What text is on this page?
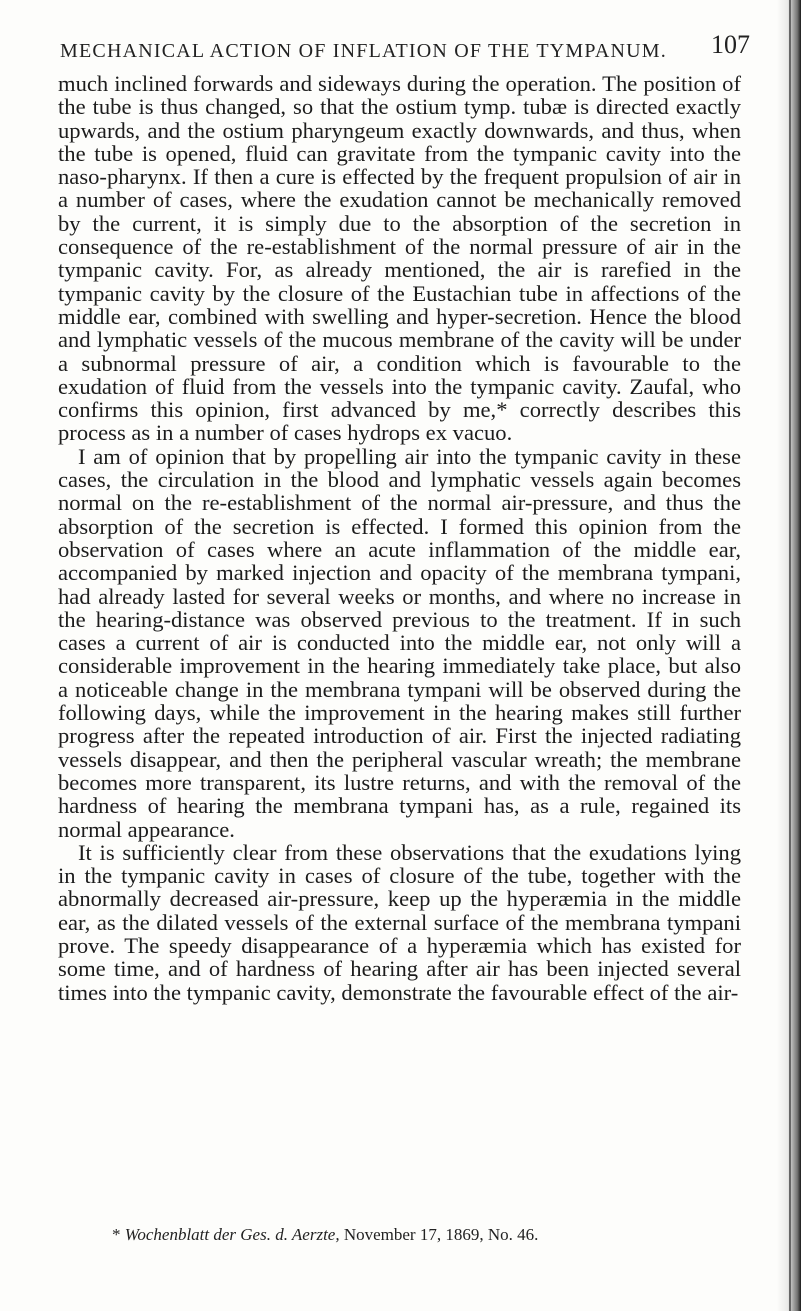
MECHANICAL ACTION OF INFLATION OF THE TYMPANUM. 107

much inclined forwards and sideways during the operation. The position of the tube is thus changed, so that the ostium tymp. tubæ is directed exactly upwards, and the ostium pharyngeum exactly downwards, and thus, when the tube is opened, fluid can gravitate from the tympanic cavity into the naso-pharynx. If then a cure is effected by the frequent propulsion of air in a number of cases, where the exudation cannot be mechanically removed by the current, it is simply due to the absorption of the secretion in consequence of the re-establishment of the normal pressure of air in the tympanic cavity. For, as already mentioned, the air is rarefied in the tympanic cavity by the closure of the Eustachian tube in affections of the middle ear, combined with swelling and hyper-secretion. Hence the blood and lymphatic vessels of the mucous membrane of the cavity will be under a subnormal pressure of air, a condition which is favourable to the exudation of fluid from the vessels into the tympanic cavity. Zaufal, who confirms this opinion, first advanced by me,* correctly describes this process as in a number of cases hydrops ex vacuo.

I am of opinion that by propelling air into the tympanic cavity in these cases, the circulation in the blood and lymphatic vessels again becomes normal on the re-establishment of the normal air-pressure, and thus the absorption of the secretion is effected. I formed this opinion from the observation of cases where an acute inflammation of the middle ear, accompanied by marked injection and opacity of the membrana tympani, had already lasted for several weeks or months, and where no increase in the hearing-distance was observed previous to the treatment. If in such cases a current of air is conducted into the middle ear, not only will a considerable improvement in the hearing immediately take place, but also a noticeable change in the membrana tympani will be observed during the following days, while the improvement in the hearing makes still further progress after the repeated introduction of air. First the injected radiating vessels disappear, and then the peripheral vascular wreath; the membrane becomes more transparent, its lustre returns, and with the removal of the hardness of hearing the membrana tympani has, as a rule, regained its normal appearance.

It is sufficiently clear from these observations that the exudations lying in the tympanic cavity in cases of closure of the tube, together with the abnormally decreased air-pressure, keep up the hyperæmia in the middle ear, as the dilated vessels of the external surface of the membrana tympani prove. The speedy disappearance of a hyperæmia which has existed for some time, and of hardness of hearing after air has been injected several times into the tympanic cavity, demonstrate the favourable effect of the air-

* Wochenblatt der Ges. d. Aerzte, November 17, 1869, No. 46.
